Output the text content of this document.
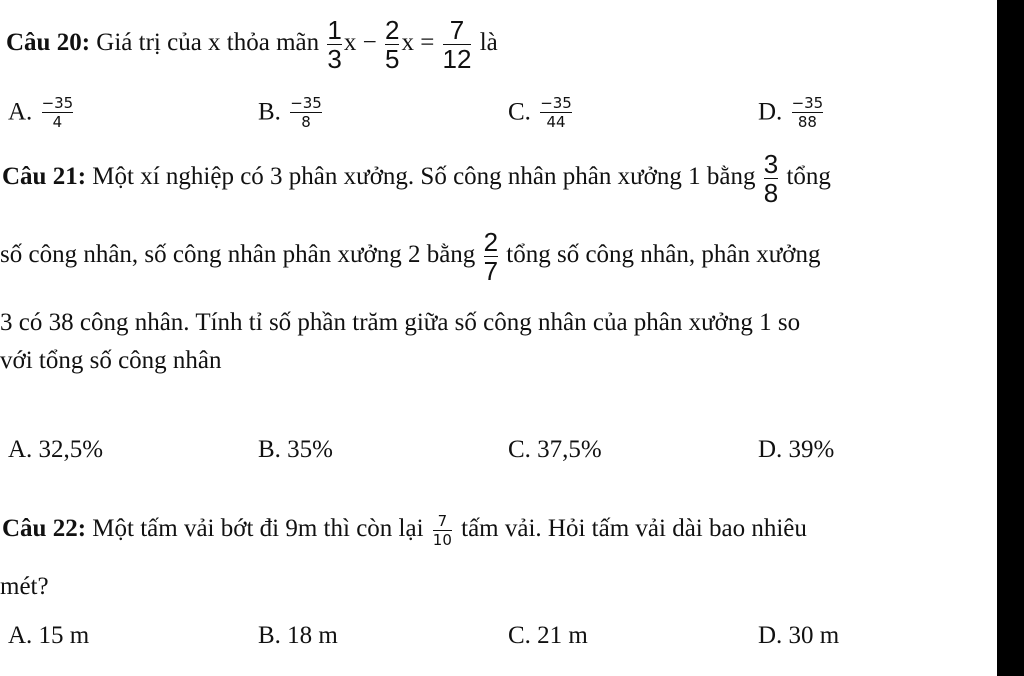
Câu 20: Giá trị của x thỏa mãn $\frac{1}{3}$ $x - \frac{2}{5}$ $x = \frac{7}{12}$ là
A. $\frac{-35}{4}$	B. $\frac{-35}{8}$	C. $\frac{-35}{44}$	D. $\frac{-35}{88}$
Câu 21: Một xí nghiệp có 3 phân xưởng. Số công nhân phân xưởng 1 bằng $\frac{3}{8}$ tổng
số công nhân, số công nhân phân xưởng 2 bằng $\frac{2}{7}$ tổng số công nhân, phân xưởng
3 có 38 công nhân. Tính tỉ số phần trăm giữa số công nhân của phân xưởng 1 so
với tổng số công nhân
A. 32,5%	B. 35%	C. 37,5%	D. 39%
Câu 22: Một tấm vải bớt đi 9m thì còn lại $\frac{7}{10}$ tấm vải. Hỏi tấm vải dài bao nhiêu
mét?
A. 15 m	B. 18 m	C. 21 m	D. 30 m
